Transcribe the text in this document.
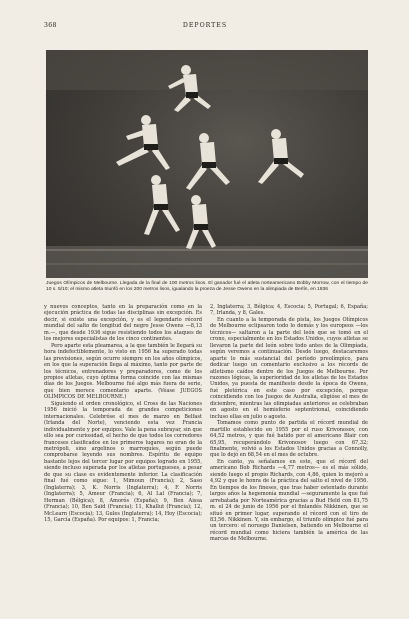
368	DEPORTES
Juegos Olímpicos de Melbourne. Llegada de la final de 100 metros lisos. El ganador fué el atleta norteamericano Bobby Morrow, con el tiempo de 10 s. 5/10; el mismo atleta triunfó en los 200 metros lisos, igualando la proeza de Jesse Owens en la olimpiada de Berlín, en 1936

y nuevos conceptos, tanto en la preparación como en la ejecución práctica de todas las disciplinas sin excepción. Es decir, si existe una excepción, y es el legendario récord mundial del salto de longitud del negro Jesse Owens —8,13 m.—, que desde 1936 sigue resistiendo todos los ataques de los mejores especialistas de los cinco continentes.

Pero aparte esta pleamarea, a la que también le llegará su hora indefectiblemente, lo visto en 1956 ha superado todas las previsiones, según ocurre siempre en los años olímpicos, en los que la superación llega al máximo, tanto por parte de los técnicos, entrenadores y preparadores, como de los propios atletas, cuyo óptima forma coincide con las mismas días de los Juegos. Melbourne fué algo más fuera de serie, que bien merece comentario aparte. (Véase JUEGOS OLÍMPICOS DE MELBOURNE.)

Siguiendo el orden cronológico, el Cross de las Naciones 1956 inició la temporada de grandes competiciones internacionales. Celebróse el mes de marzo en Belfast (Irlanda del Norte), venciendo esta vez Francia individualmente y por equipos. Vale la pena subrayar, sin que ello sea por curiosidad, el hecho de que todos los corredores franceses clasificados en los primeros lugares no eran de la metrópoli, sino argelinos o marroquíes, según puede comprobarse leyendo sus nombres. Espíritu de equipo bastante lejos del tercer lugar por equipos logrado en 1955, siendo incluso superada por los atletas portugueses, a pesar de que su clase es evidentemente inferior. La clasificación final fué como sigue: 1, Mimoun (Francia); 2, Saso (Inglaterra); 3, K. Norris (Inglaterra); 4, F. Norris (Inglaterra); 5, Ameur (Francia); 6, Al Lal (Francia); 7, Herman (Bélgica); 8, Amorós (España); 9, Ben Aissa (Francia); 10, Ben Saïd (Francia); 11, Khallut (Francia); 12, McLearn (Escocia); 13, Gules (Inglaterra); 14, Hoy (Escocia); 15, García (España). Por equipos: 1, Francia;

2, Inglaterra; 3, Bélgica; 4, Escocia; 5, Portugal; 6, España; 7, Irlanda, y 8, Gales.

En cuanto a la temporada de pista, los Juegos Olímpicos de Melbourne eclipsaron todo lo demás y los europeos —los técnicos— saltaron a la parte del león que se tomó en el crono, especialmente en los Estados Unidos, cuyos atletas se llevaron la parte del león sobre todo antes de la Olimpíada, según veremos a continuación. Desde luego, destacaremos aparte lo más sustancial del período preolímpico, para dedicar luego un comentario exclusivo a los récords de atletismo caídos dentro de los Juegos de Melbourne. Por razones lógicas, la superioridad de los atletas de los Estados Unidos, ya puesta de manifiesto desde la época de Owens, fué pletórica en este caso por excepción, porque coincidiendo con los Juegos de Australia, eligióse el mes de diciembre, mientras las olimpiadas anteriores se celebraban en agosto en el hemisferio septentrional, coincidiendo incluso ellas en julio o agosto.

Tomamos como punto de partida el récord mundial de martillo establecido en 1955 por el ruso Krivonosov, con 64,52 metros, y que fué batido por el americano Blair con 65,95, recuperándolo Krivonosov luego con 67,32; finalmente, volvió a los Estados Unidos gracias a Connolly, que lo dejó en 68,54 en el mes de octubre.

En canto, ya señalamos en este, que el récord del americano Bob Richards —4,77 metros— es el más sólido, siendo luego el propio Richards, con 4,86, quien lo mejoró a 4,92 y que le honra de la práctica del salto el nivel de 1956. En tiempos de los fineses, que tras haber ostentado durante largos años la hegemonía mundial —seguramente la que fué arrebatada por Norteamérica gracias a Bud Held con 81,75 m. el 24 de junio de 1956 por el finlandés Nikkinen, que se situó en primer lugar, superando el récord con el tiro de 83,56. Nikkinen. Y, sin embargo, el triunfo olímpico fué para un tercero: el noruego Danielsen, batiendo en Melbourne el récord mundial como hiciera también la américa de las marcas de Melbourne.
